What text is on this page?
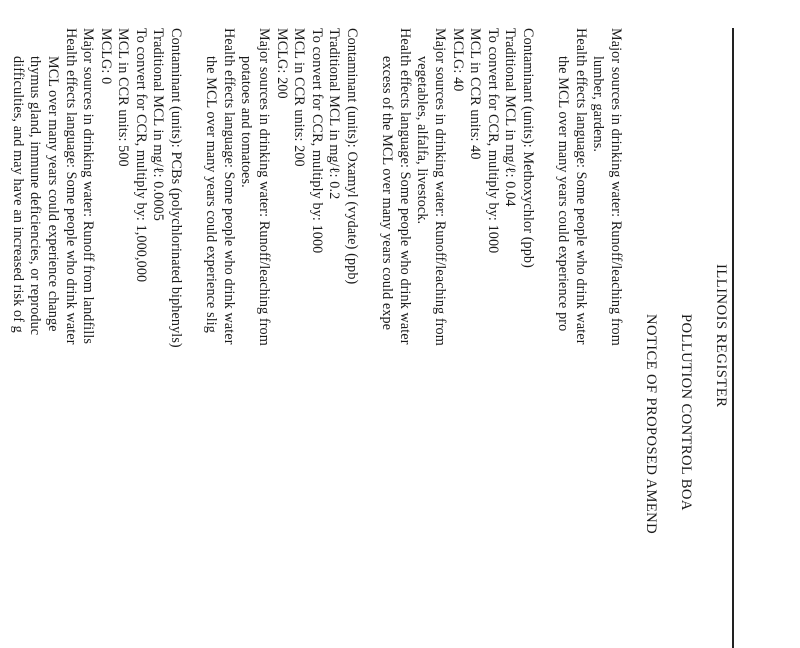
ILLINOIS REGISTER
POLLUTION CONTROL BOA
NOTICE OF PROPOSED AMEND
Major sources in drinking water: Runoff/leaching from
lumber, gardens.
Health effects language: Some people who drink water
the MCL over many years could experience pro
Contaminant (units): Methoxychlor (ppb)
Traditional MCL in mg/ℓ: 0.04
To convert for CCR, multiply by: 1000
MCL in CCR units: 40
MCLG: 40
Major sources in drinking water: Runoff/leaching from
vegetables, alfalfa, livestock.
Health effects language: Some people who drink water
excess of the MCL over many years could expe
Contaminant (units): Oxamyl (vydate) (ppb)
Traditional MCL in mg/ℓ: 0.2
To convert for CCR, multiply by: 1000
MCL in CCR units: 200
MCLG: 200
Major sources in drinking water: Runoff/leaching from
potatoes and tomatoes.
Health effects language: Some people who drink water
the MCL over many years could experience slig
Contaminant (units): PCBs (polychlorinated biphenyls)
Traditional MCL in mg/ℓ: 0.0005
To convert for CCR, multiply by: 1,000,000
MCL in CCR units: 500
MCLG: 0
Major sources in drinking water: Runoff from landfills
Health effects language: Some people who drink water
MCL over many years could experience change
thymus gland, immune deficiencies, or reproduc
difficulties, and may have an increased risk of g
